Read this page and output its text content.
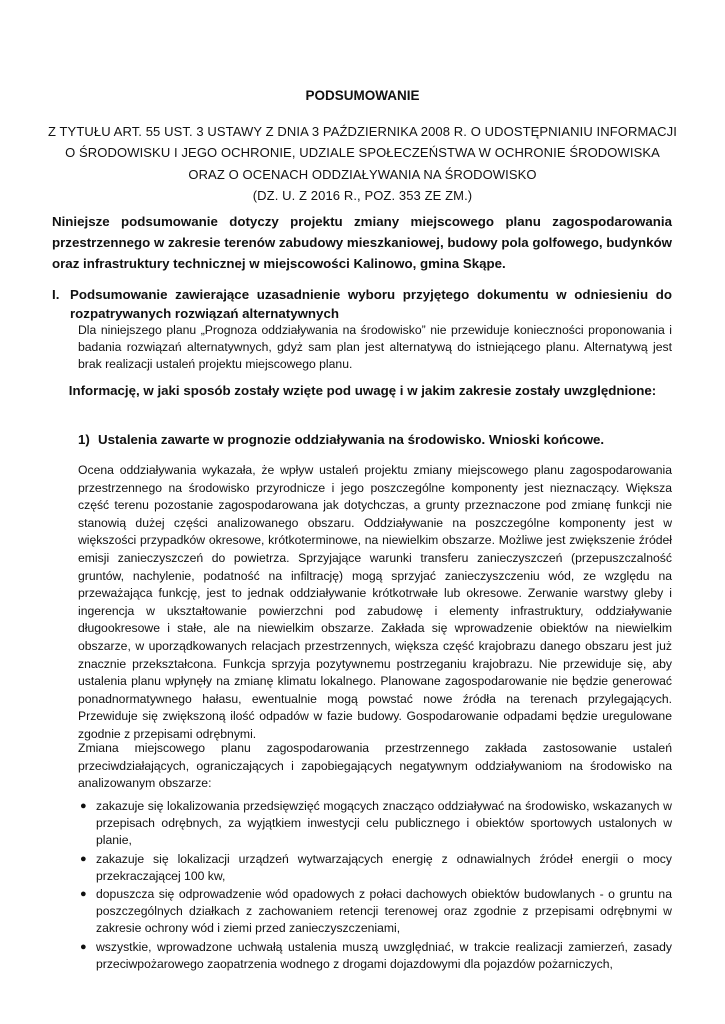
PODSUMOWANIE
Z TYTUŁU ART. 55 UST. 3 USTAWY Z DNIA 3 PAŹDZIERNIKA 2008 R. O UDOSTĘPNIANIU INFORMACJI
O ŚRODOWISKU I JEGO OCHRONIE, UDZIALE SPOŁECZEŃSTWA W OCHRONIE ŚRODOWISKA
ORAZ O OCENACH ODDZIAŁYWANIA NA ŚRODOWISKO
(DZ. U. Z 2016 R., POZ. 353 ZE ZM.)
Niniejsze podsumowanie dotyczy projektu zmiany miejscowego planu zagospodarowania przestrzennego w zakresie terenów zabudowy mieszkaniowej, budowy pola golfowego, budynków oraz infrastruktury technicznej w miejscowości Kalinowo, gmina Skąpe.
I. Podsumowanie zawierające uzasadnienie wyboru przyjętego dokumentu w odniesieniu do rozpatrywanych rozwiązań alternatywnych
Dla niniejszego planu „Prognoza oddziaływania na środowisko” nie przewiduje konieczności proponowania i badania rozwiązań alternatywnych, gdyż sam plan jest alternatywą do istniejącego planu. Alternatywą jest brak realizacji ustaleń projektu miejscowego planu.
Informację, w jaki sposób zostały wzięte pod uwagę i w jakim zakresie zostały uwzględnione:
1) Ustalenia zawarte w prognozie oddziaływania na środowisko. Wnioski końcowe.
Ocena oddziaływania wykazała, że wpływ ustaleń projektu zmiany miejscowego planu zagospodarowania przestrzennego na środowisko przyrodnicze i jego poszczególne komponenty jest nieznaczący. Większa część terenu pozostanie zagospodarowana jak dotychczas, a grunty przeznaczone pod zmianę funkcji nie stanowią dużej części analizowanego obszaru. Oddziaływanie na poszczególne komponenty jest w większości przypadków okresowe, krótkoterminowe, na niewielkim obszarze. Możliwe jest zwiększenie źródeł emisji zanieczyszczeń do powietrza. Sprzyjające warunki transferu zanieczyszczeń (przepuszczalność gruntów, nachylenie, podatność na infiltrację) mogą sprzyjać zanieczyszczeniu wód, ze względu na przeważająca funkcję, jest to jednak oddziaływanie krótkotrwałe lub okresowe. Zerwanie warstwy gleby i ingerencja w ukształtowanie powierzchni pod zabudowę i elementy infrastruktury, oddziaływanie długookresowe i stałe, ale na niewielkim obszarze. Zakłada się wprowadzenie obiektów na niewielkim obszarze, w uporządkowanych relacjach przestrzennych, większa część krajobrazu danego obszaru jest już znacznie przekształcona. Funkcja sprzyja pozytywnemu postrzeganiu krajobrazu. Nie przewiduje się, aby ustalenia planu wpłynęły na zmianę klimatu lokalnego. Planowane zagospodarowanie nie będzie generować ponadnormatywnego hałasu, ewentualnie mogą powstać nowe źródła na terenach przylegających. Przewiduje się zwiększoną ilość odpadów w fazie budowy. Gospodarowanie odpadami będzie uregulowane zgodnie z przepisami odrębnymi.
Zmiana miejscowego planu zagospodarowania przestrzennego zakłada zastosowanie ustaleń przeciwdziałających, ograniczających i zapobiegających negatywnym oddziaływaniom na środowisko na analizowanym obszarze:
● zakazuje się lokalizowania przedsięwzięć mogących znacząco oddziaływać na środowisko, wskazanych w przepisach odrębnych, za wyjątkiem inwestycji celu publicznego i obiektów sportowych ustalonych w planie,
● zakazuje się lokalizacji urządzeń wytwarzających energię z odnawialnych źródeł energii o mocy przekraczającej 100 kw,
● dopuszcza się odprowadzenie wód opadowych z połaci dachowych obiektów budowlanych - o gruntu na poszczególnych działkach z zachowaniem retencji terenowej oraz zgodnie z przepisami odrębnymi w zakresie ochrony wód i ziemi przed zanieczyszczeniami,
● wszystkie, wprowadzone uchwałą ustalenia muszą uwzględniać, w trakcie realizacji zamierzeń, zasady przeciwpożarowego zaopatrzenia wodnego z drogami dojazdowymi dla pojazdów pożarniczych,
